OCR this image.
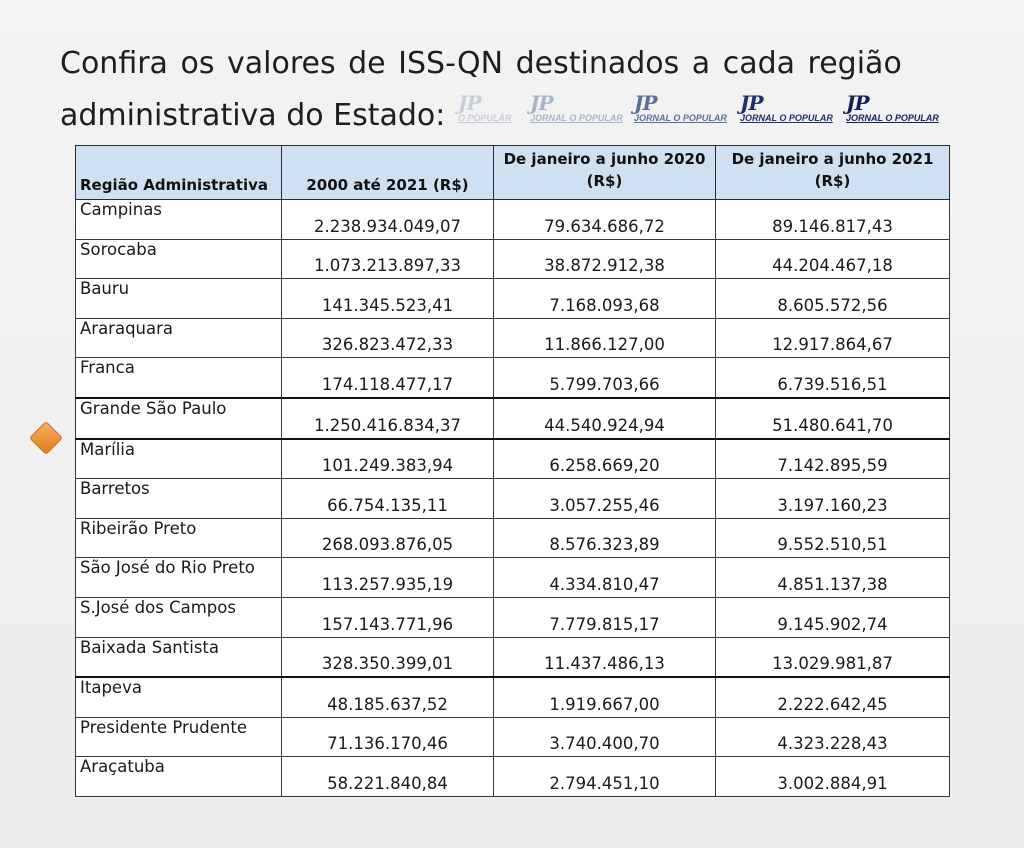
Confira os valores de ISS-QN destinados a cada região
administrativa do Estado: JP
O POPULAR
JP
JORNAL O POPULAR
JP
JORNAL O POPULAR
JP
JORNAL O POPULAR
JP
JORNAL O POPULAR
Região Administrativa	2000 até 2021 (R$)	De janeiro a junho 2020 (R$)	De janeiro a junho 2021 (R$)
Campinas	2.238.934.049,07	79.634.686,72	89.146.817,43
Sorocaba	1.073.213.897,33	38.872.912,38	44.204.467,18
Bauru	141.345.523,41	7.168.093,68	8.605.572,56
Araraquara	326.823.472,33	11.866.127,00	12.917.864,67
Franca	174.118.477,17	5.799.703,66	6.739.516,51
Grande São Paulo	1.250.416.834,37	44.540.924,94	51.480.641,70
Marília	101.249.383,94	6.258.669,20	7.142.895,59
Barretos	66.754.135,11	3.057.255,46	3.197.160,23
Ribeirão Preto	268.093.876,05	8.576.323,89	9.552.510,51
São José do Rio Preto	113.257.935,19	4.334.810,47	4.851.137,38
S.José dos Campos	157.143.771,96	7.779.815,17	9.145.902,74
Baixada Santista	328.350.399,01	11.437.486,13	13.029.981,87
Itapeva	48.185.637,52	1.919.667,00	2.222.642,45
Presidente Prudente	71.136.170,46	3.740.400,70	4.323.228,43
Araçatuba	58.221.840,84	2.794.451,10	3.002.884,91
